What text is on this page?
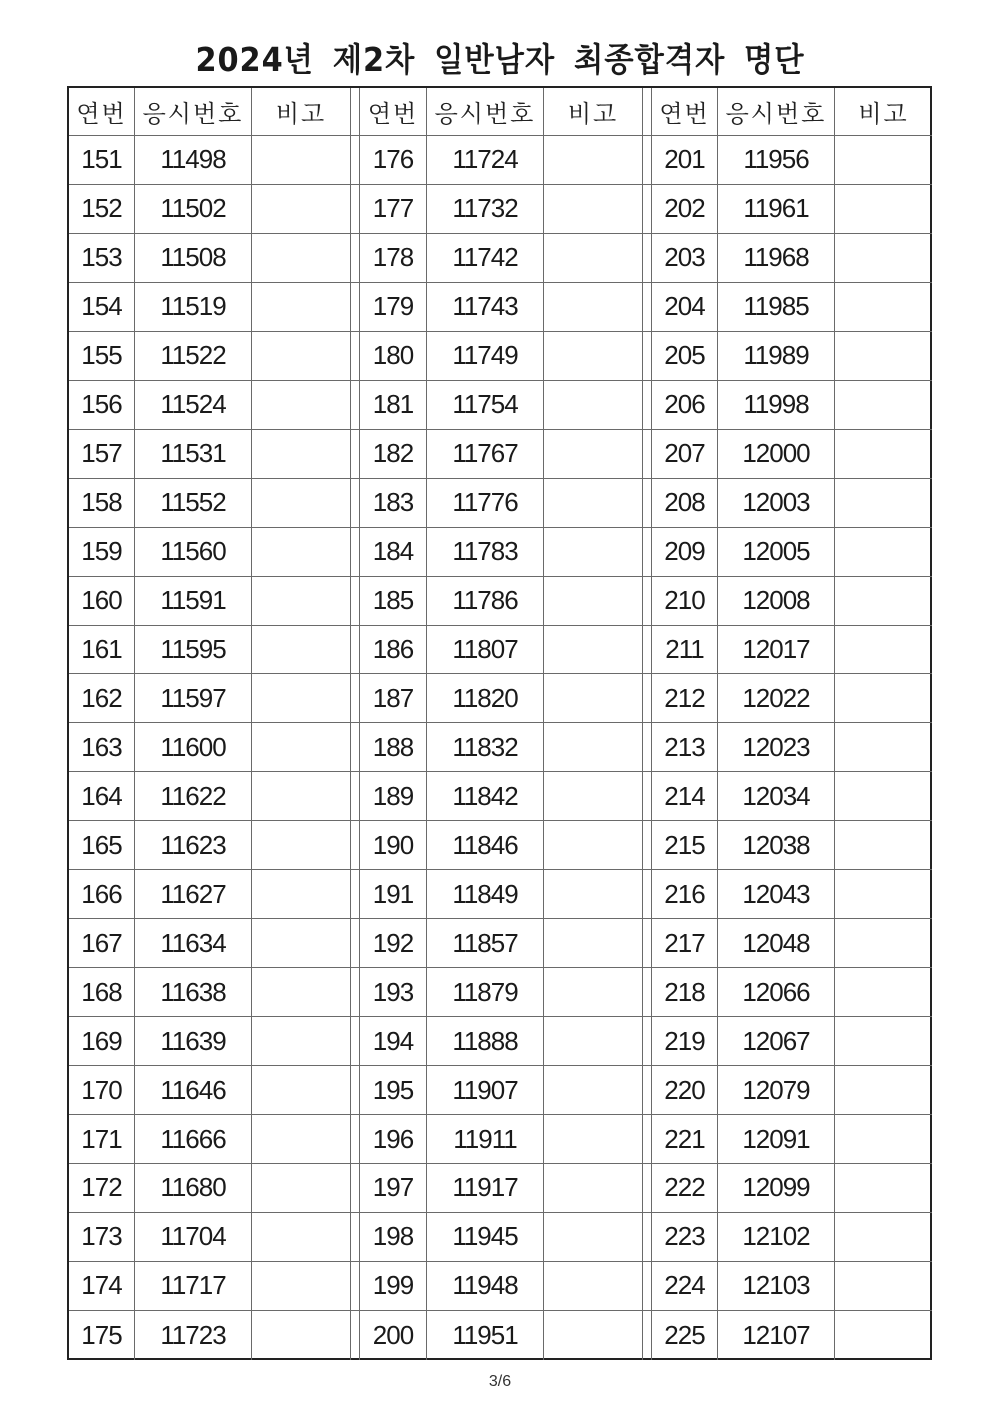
2024년 제2차 일반남자 최종합격자 명단
연번 응시번호	비고	연번 응시번호	비고	연번 응시번호	비고
151	11498	176	11724	201	11956
152	11502	177	11732	202	11961
153	11508	178	11742	203	11968
154	11519	179	11743	204	11985
155	11522	180	11749	205	11989
156	11524	181	11754	206	11998
157	11531	182	11767	207	12000
158	11552	183	11776	208	12003
159	11560	184	11783	209	12005
160	11591	185	11786	210	12008
161	11595	186	11807	211	12017
162	11597	187	11820	212	12022
163	11600	188	11832	213	12023
164	11622	189	11842	214	12034
165	11623	190	11846	215	12038
166	11627	191	11849	216	12043
167	11634	192	11857	217	12048
168	11638	193	11879	218	12066
169	11639	194	11888	219	12067
170	11646	195	11907	220	12079
171	11666	196	11911	221	12091
172	11680	197	11917	222	12099
173	11704	198	11945	223	12102
174	11717	199	11948	224	12103
175	11723	200	11951	225	12107
3/6
